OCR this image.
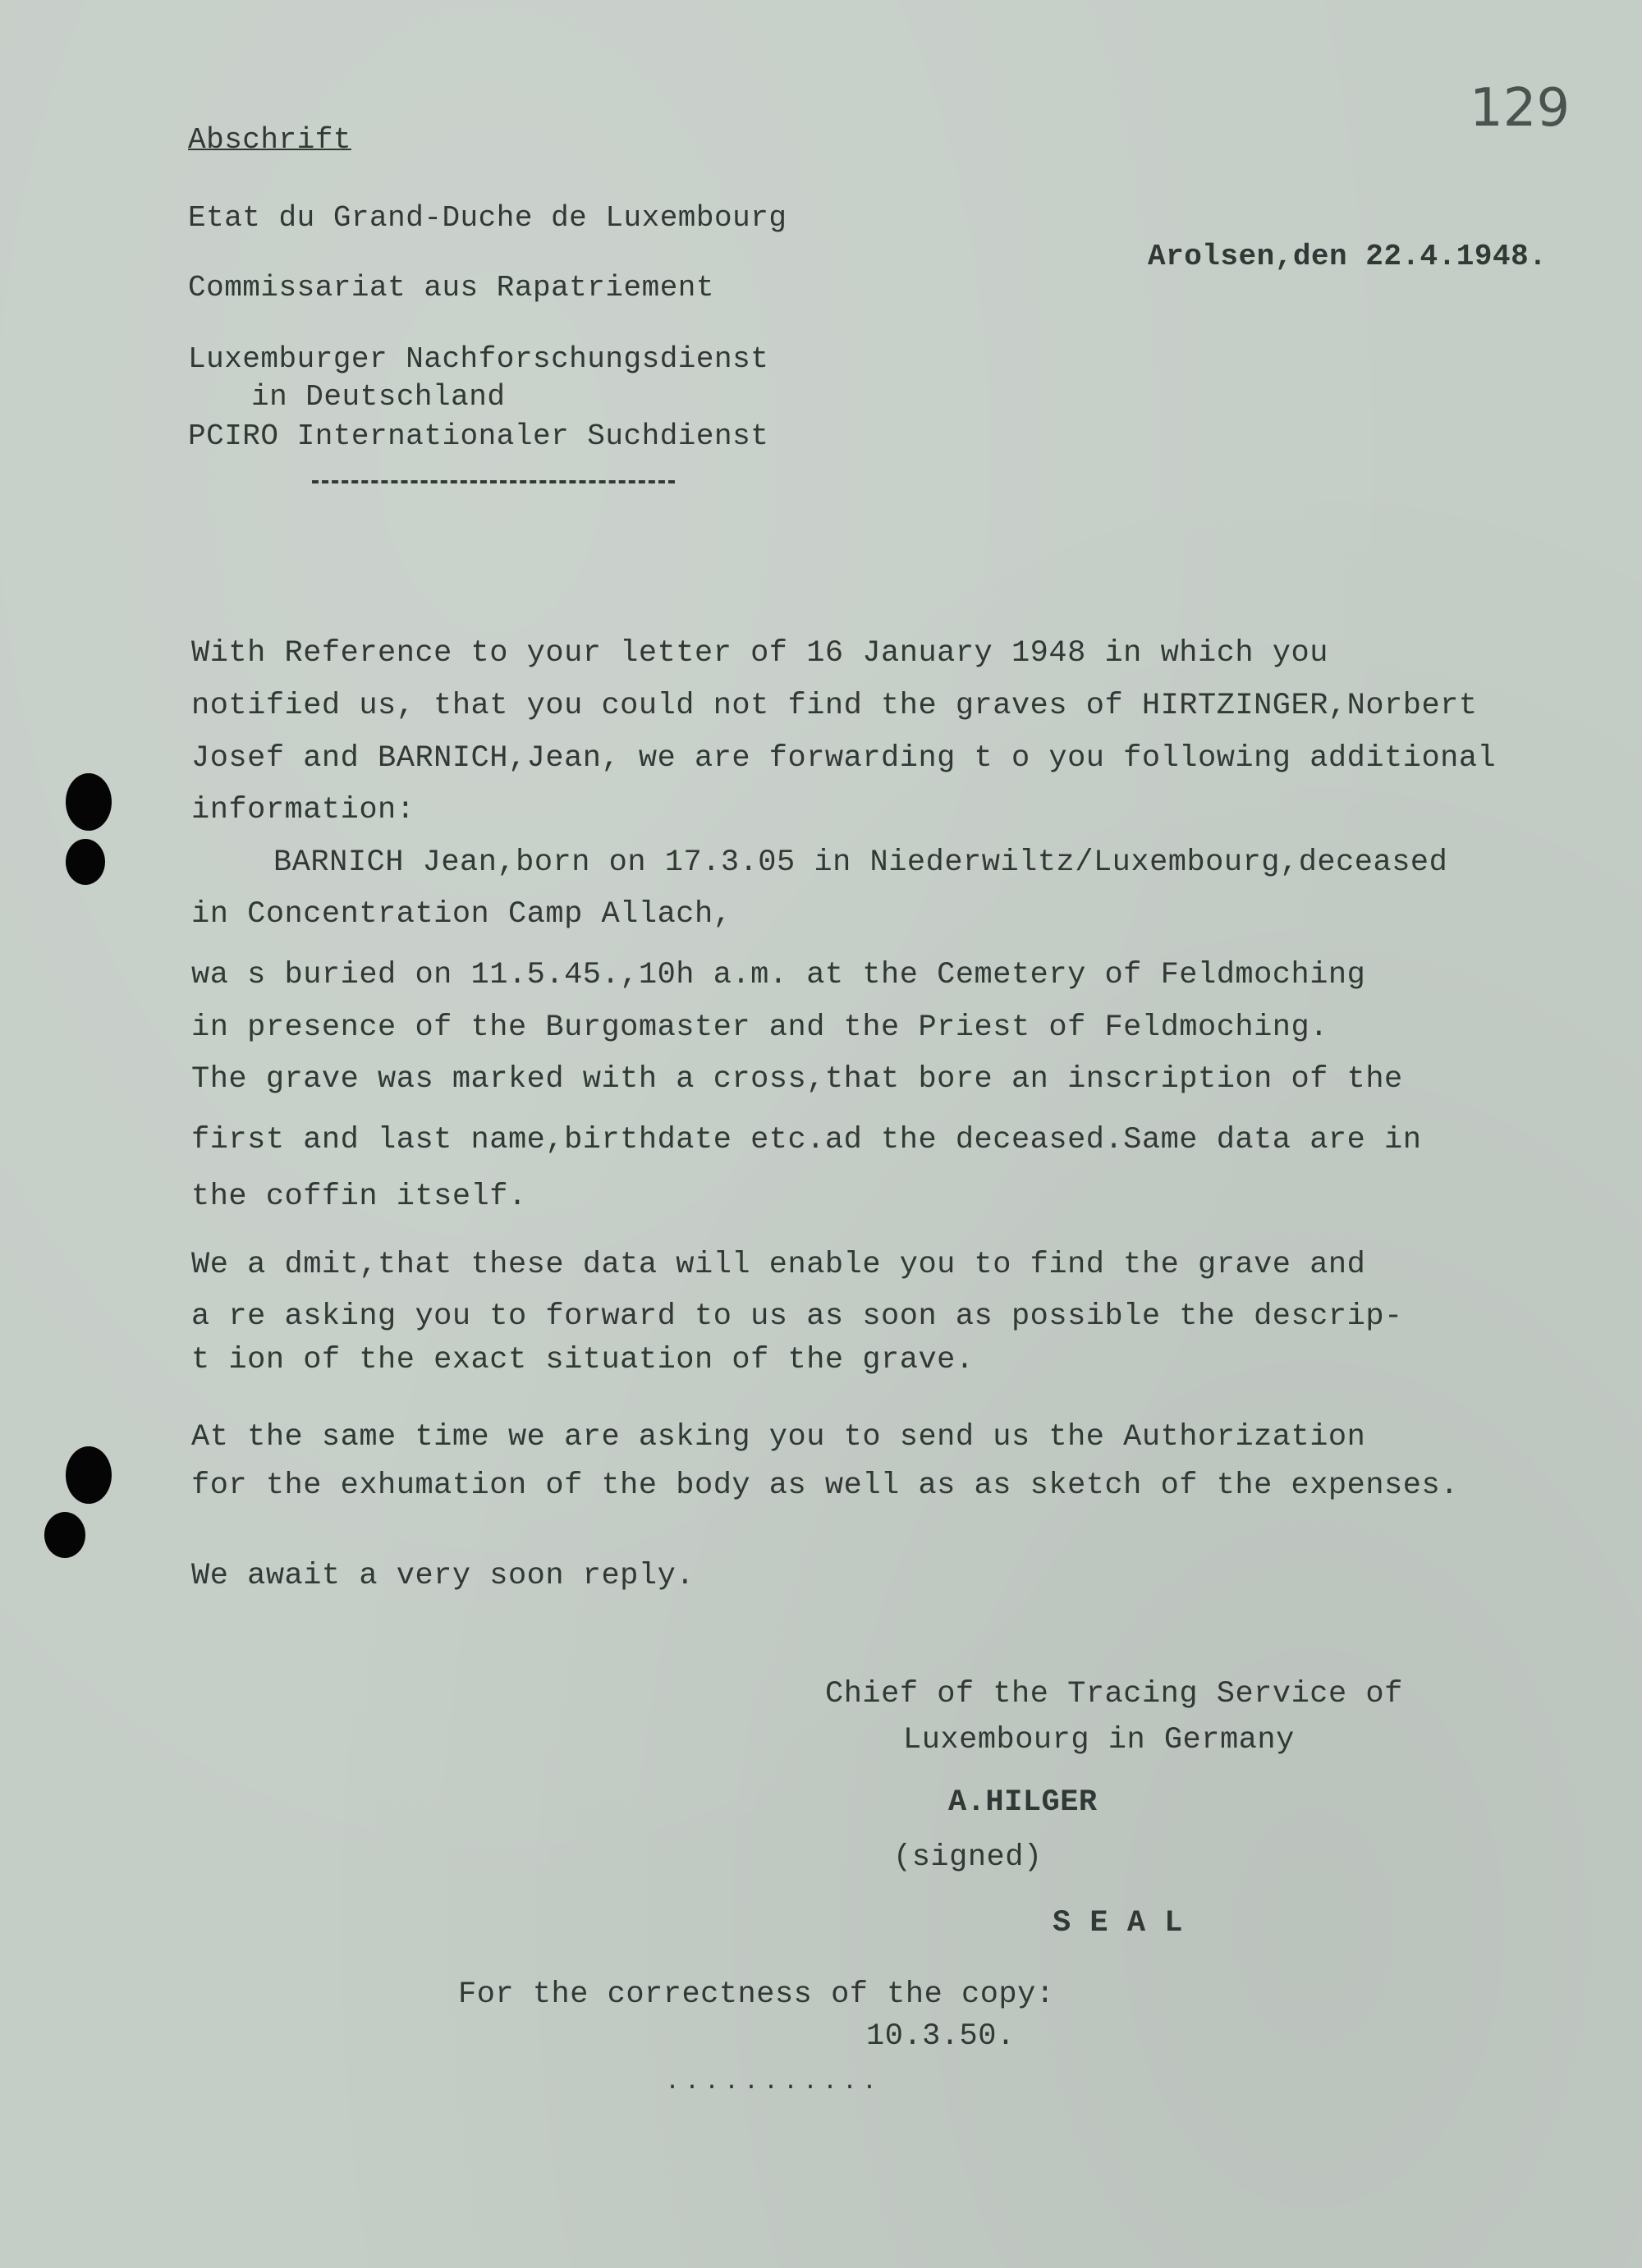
129
Abschrift
Etat du Grand-Duche de Luxembourg
Commissariat aus Rapatriement
Luxemburger Nachforschungsdienst
in Deutschland
PCIRO Internationaler Suchdienst
Arolsen,den 22.4.1948.
With Reference to your letter of 16 January 1948 in which you
notified us, that you could not find the graves of HIRTZINGER,Norbert
Josef and BARNICH,Jean, we are forwarding t o you following additional
information:
BARNICH Jean,born on 17.3.05 in Niederwiltz/Luxembourg,deceased
in Concentration Camp Allach,
wa s buried on 11.5.45.,10h a.m. at the Cemetery of Feldmoching
in presence of the Burgomaster and the Priest of Feldmoching.
The grave was marked with a cross,that bore an inscription of the
first and last name,birthdate etc.ad the deceased.Same data are in
the coffin itself.
We a dmit,that these data will enable you to find the grave and
a re asking you to forward to us as soon as possible the descrip-
t ion of the exact situation of the grave.
At the same time we are asking you to send us the Authorization
for the exhumation of the body as well as as sketch of the expenses.
We await a very soon reply.
Chief of the Tracing Service of
Luxembourg in Germany
A.HILGER
(signed)
S E A L
For the correctness of the copy:
10.3.50.
...........
